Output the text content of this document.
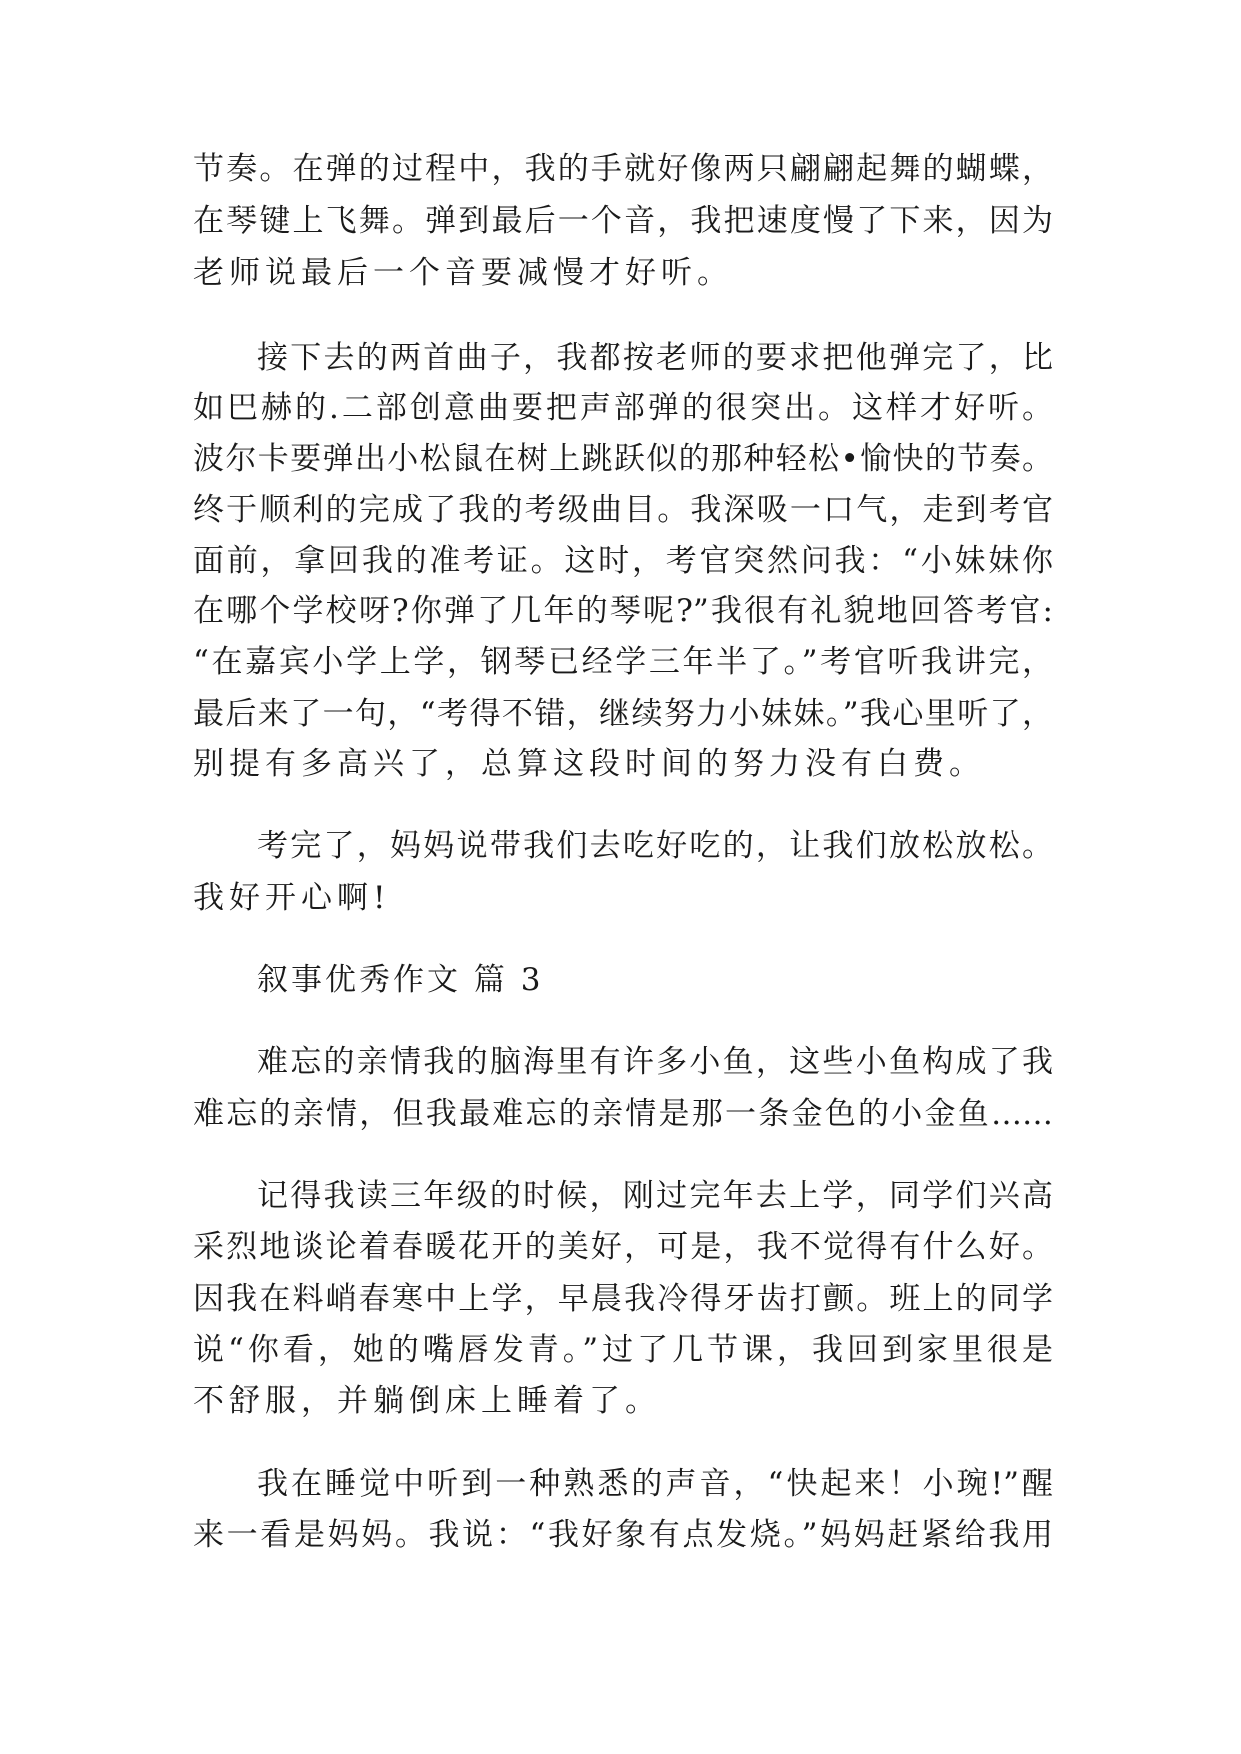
节奏。在弹的过程中，我的手就好像两只翩翩起舞的蝴蝶，
在琴键上飞舞。弹到最后一个音，我把速度慢了下来，因为
老师说最后一个音要减慢才好听。
接下去的两首曲子，我都按老师的要求把他弹完了，比
如巴赫的.二部创意曲要把声部弹的很突出。这样才好听。
波尔卡要弹出小松鼠在树上跳跃似的那种轻松•愉快的节奏。
终于顺利的完成了我的考级曲目。我深吸一口气，走到考官
面前，拿回我的准考证。这时，考官突然问我：“小妹妹你
在哪个学校呀?你弹了几年的琴呢?”我很有礼貌地回答考官:
“在嘉宾小学上学，钢琴已经学三年半了。”考官听我讲完，
最后来了一句，“考得不错，继续努力小妹妹。”我心里听了，
别提有多高兴了，总算这段时间的努力没有白费。
考完了，妈妈说带我们去吃好吃的，让我们放松放松。
我好开心啊!
叙事优秀作文 篇 3
难忘的亲情我的脑海里有许多小鱼，这些小鱼构成了我
难忘的亲情，但我最难忘的亲情是那一条金色的小金鱼……
记得我读三年级的时候，刚过完年去上学，同学们兴高
采烈地谈论着春暖花开的美好，可是，我不觉得有什么好。
因我在料峭春寒中上学，早晨我冷得牙齿打颤。班上的同学
说“你看，她的嘴唇发青。”过了几节课，我回到家里很是
不舒服，并躺倒床上睡着了。
我在睡觉中听到一种熟悉的声音，“快起来！小琬!”醒
来一看是妈妈。我说：“我好象有点发烧。”妈妈赶紧给我用
